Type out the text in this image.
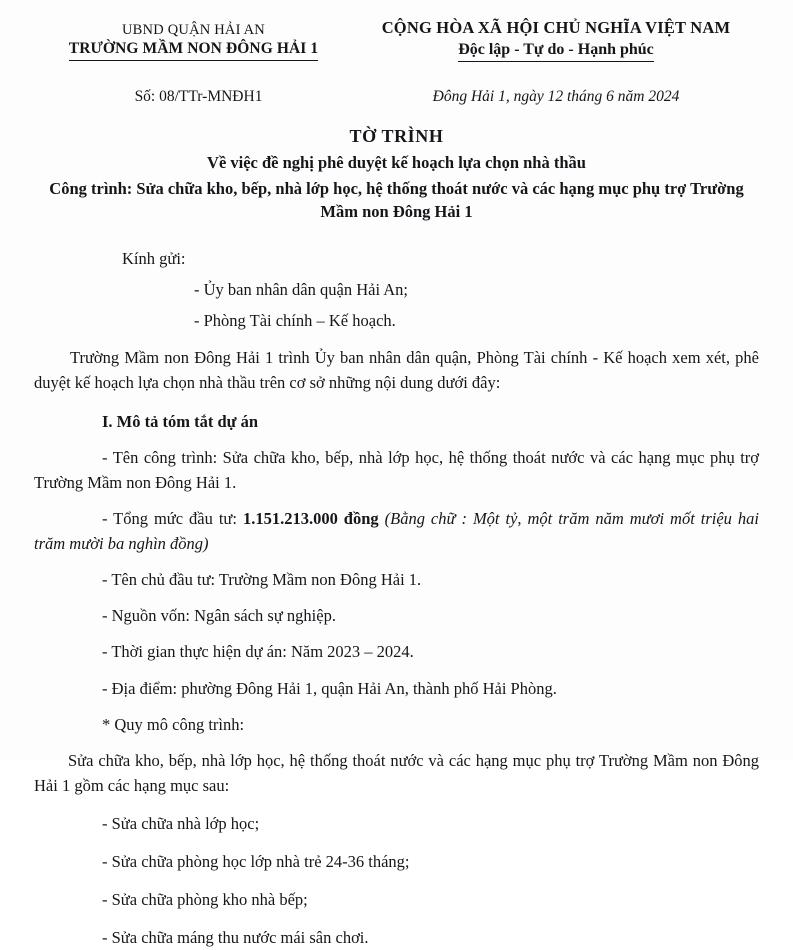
UBND QUẬN HẢI AN
TRƯỜNG MẦM NON ĐÔNG HẢI 1
CỘNG HÒA XÃ HỘI CHỦ NGHĨA VIỆT NAM
Độc lập - Tự do - Hạnh phúc
Số: 08/TTr-MNĐH1	Đông Hải 1, ngày 12 tháng 6 năm 2024
TỜ TRÌNH
Về việc đề nghị phê duyệt kế hoạch lựa chọn nhà thầu
Công trình: Sửa chữa kho, bếp, nhà lớp học, hệ thống thoát nước và các hạng mục phụ trợ Trường Mầm non Đông Hải 1
Kính gửi:
- Ủy ban nhân dân quận Hải An;
- Phòng Tài chính – Kế hoạch.
Trường Mầm non Đông Hải 1 trình Ủy ban nhân dân quận, Phòng Tài chính - Kế hoạch xem xét, phê duyệt kế hoạch lựa chọn nhà thầu trên cơ sở những nội dung dưới đây:
I. Mô tả tóm tắt dự án
- Tên công trình: Sửa chữa kho, bếp, nhà lớp học, hệ thống thoát nước và các hạng mục phụ trợ Trường Mầm non Đông Hải 1.
- Tổng mức đầu tư: 1.151.213.000 đồng (Bằng chữ : Một tỷ, một trăm năm mươi mốt triệu hai trăm mười ba nghìn đồng)
- Tên chủ đầu tư: Trường Mầm non Đông Hải 1.
- Nguồn vốn: Ngân sách sự nghiệp.
- Thời gian thực hiện dự án: Năm 2023 – 2024.
- Địa điểm: phường Đông Hải 1, quận Hải An, thành phố Hải Phòng.
* Quy mô công trình:
Sửa chữa kho, bếp, nhà lớp học, hệ thống thoát nước và các hạng mục phụ trợ Trường Mầm non Đông Hải 1 gồm các hạng mục sau:
- Sửa chữa nhà lớp học;
- Sửa chữa phòng học lớp nhà trẻ 24-36 tháng;
- Sửa chữa phòng kho nhà bếp;
- Sửa chữa máng thu nước mái sân chơi.
